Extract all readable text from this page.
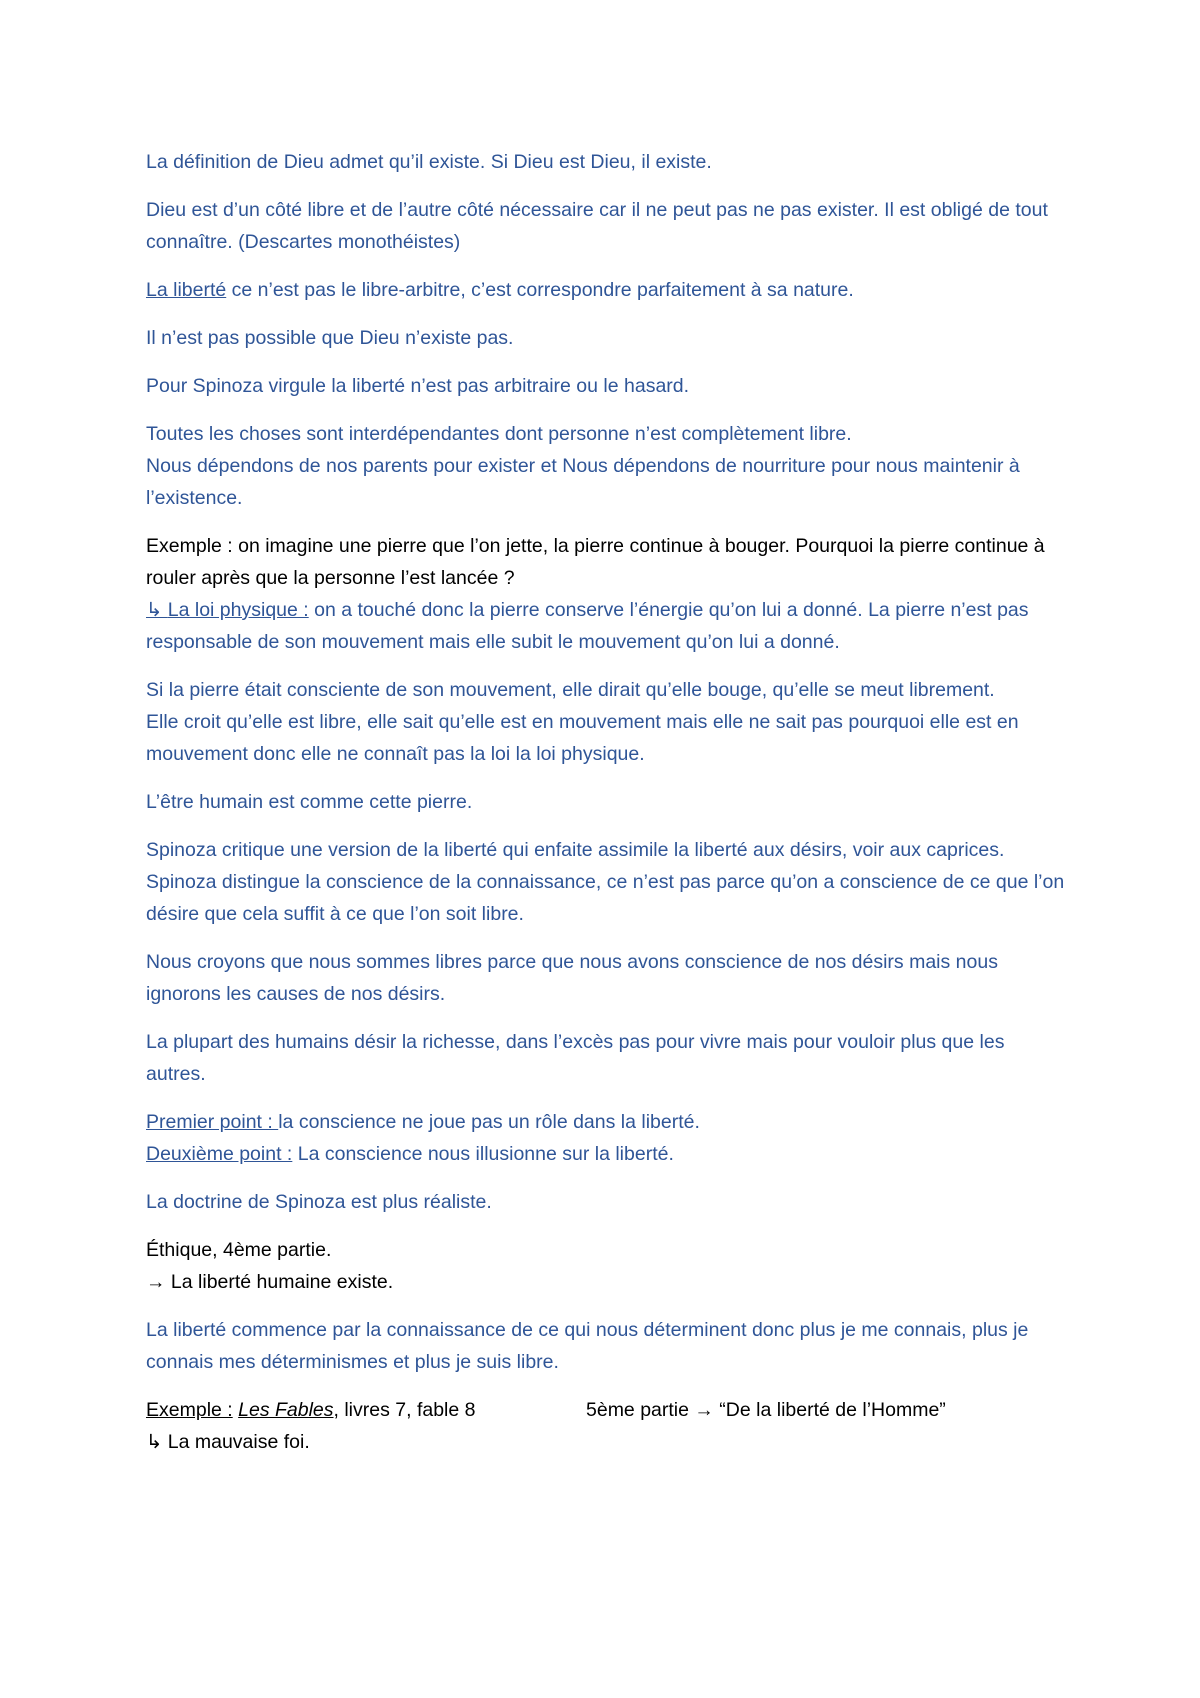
La définition de Dieu admet qu’il existe. Si Dieu est Dieu, il existe.

Dieu est d’un côté libre et de l’autre côté nécessaire car il ne peut pas ne pas exister. Il est obligé de tout connaître. (Descartes monothéistes)

La liberté ce n’est pas le libre-arbitre, c’est correspondre parfaitement à sa nature.

Il n’est pas possible que Dieu n’existe pas.

Pour Spinoza virgule la liberté n’est pas arbitraire ou le hasard.

Toutes les choses sont interdépendantes dont personne n’est complètement libre.
Nous dépendons de nos parents pour exister et Nous dépendons de nourriture pour nous maintenir à l’existence.

Exemple : on imagine une pierre que l’on jette, la pierre continue à bouger. Pourquoi la pierre continue à rouler après que la personne l’est lancée ?
↳ La loi physique : on a touché donc la pierre conserve l’énergie qu’on lui a donné. La pierre n’est pas responsable de son mouvement mais elle subit le mouvement qu’on lui a donné.

Si la pierre était consciente de son mouvement, elle dirait qu’elle bouge, qu’elle se meut librement.
Elle croit qu’elle est libre, elle sait qu’elle est en mouvement mais elle ne sait pas pourquoi elle est en mouvement donc elle ne connaît pas la loi la loi physique.

L’être humain est comme cette pierre.

Spinoza critique une version de la liberté qui enfaite assimile la liberté aux désirs, voir aux caprices.
Spinoza distingue la conscience de la connaissance, ce n’est pas parce qu’on a conscience de ce que l’on désire que cela suffit à ce que l’on soit libre.

Nous croyons que nous sommes libres parce que nous avons conscience de nos désirs mais nous ignorons les causes de nos désirs.

La plupart des humains désir la richesse, dans l’excès pas pour vivre mais pour vouloir plus que les autres.

Premier point : la conscience ne joue pas un rôle dans la liberté.
Deuxième point : La conscience nous illusionne sur la liberté.

La doctrine de Spinoza est plus réaliste.

Éthique, 4ème partie.
→ La liberté humaine existe.

La liberté commence par la connaissance de ce qui nous déterminent donc plus je me connais, plus je connais mes déterminismes et plus je suis libre.

Exemple : Les Fables, livres 7, fable 8	5ème partie → “De la liberté de l’Homme”
↳ La mauvaise foi.
